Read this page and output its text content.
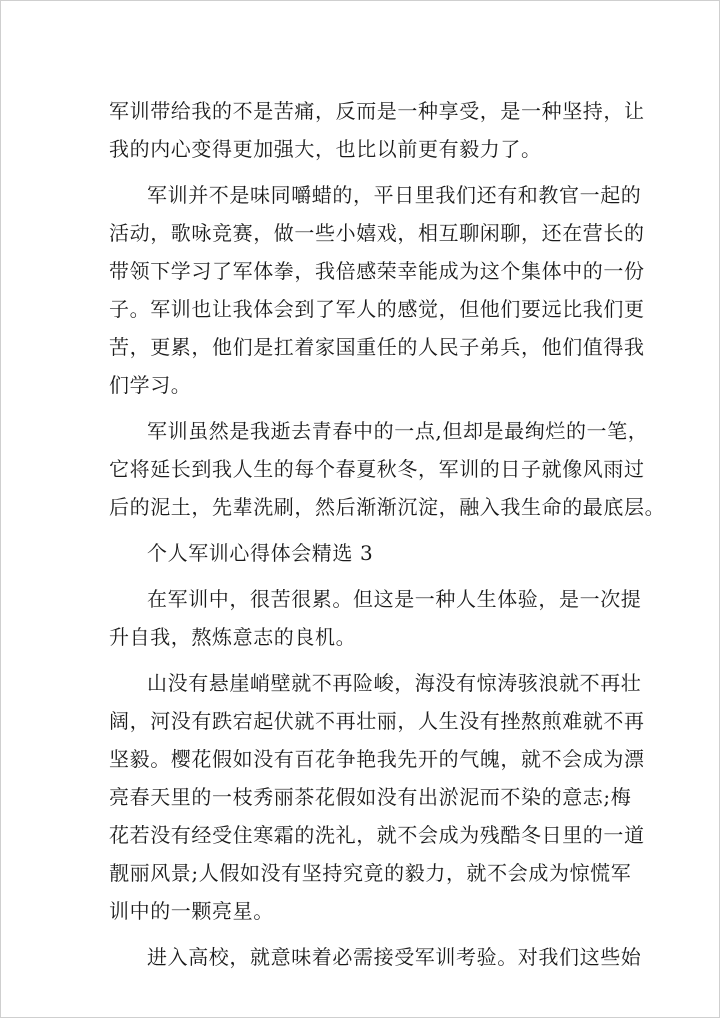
军训带给我的不是苦痛，反而是一种享受，是一种坚持，让
我的内心变得更加强大，也比以前更有毅力了。
军训并不是味同嚼蜡的，平日里我们还有和教官一起的
活动，歌咏竞赛，做一些小嬉戏，相互聊闲聊，还在营长的
带领下学习了军体拳，我倍感荣幸能成为这个集体中的一份
子。军训也让我体会到了军人的感觉，但他们要远比我们更
苦，更累，他们是扛着家国重任的人民子弟兵，他们值得我
们学习。
军训虽然是我逝去青春中的一点,但却是最绚烂的一笔，
它将延长到我人生的每个春夏秋冬，军训的日子就像风雨过
后的泥土，先辈洗刷，然后渐渐沉淀，融入我生命的最底层。
个人军训心得体会精选 3
在军训中，很苦很累。但这是一种人生体验，是一次提
升自我，熬炼意志的良机。
山没有悬崖峭壁就不再险峻，海没有惊涛骇浪就不再壮
阔，河没有跌宕起伏就不再壮丽，人生没有挫熬煎难就不再
坚毅。樱花假如没有百花争艳我先开的气魄，就不会成为漂
亮春天里的一枝秀丽茶花假如没有出淤泥而不染的意志;梅
花若没有经受住寒霜的洗礼，就不会成为残酷冬日里的一道
靓丽风景;人假如没有坚持究竟的毅力，就不会成为惊慌军
训中的一颗亮星。
进入高校，就意味着必需接受军训考验。对我们这些始
